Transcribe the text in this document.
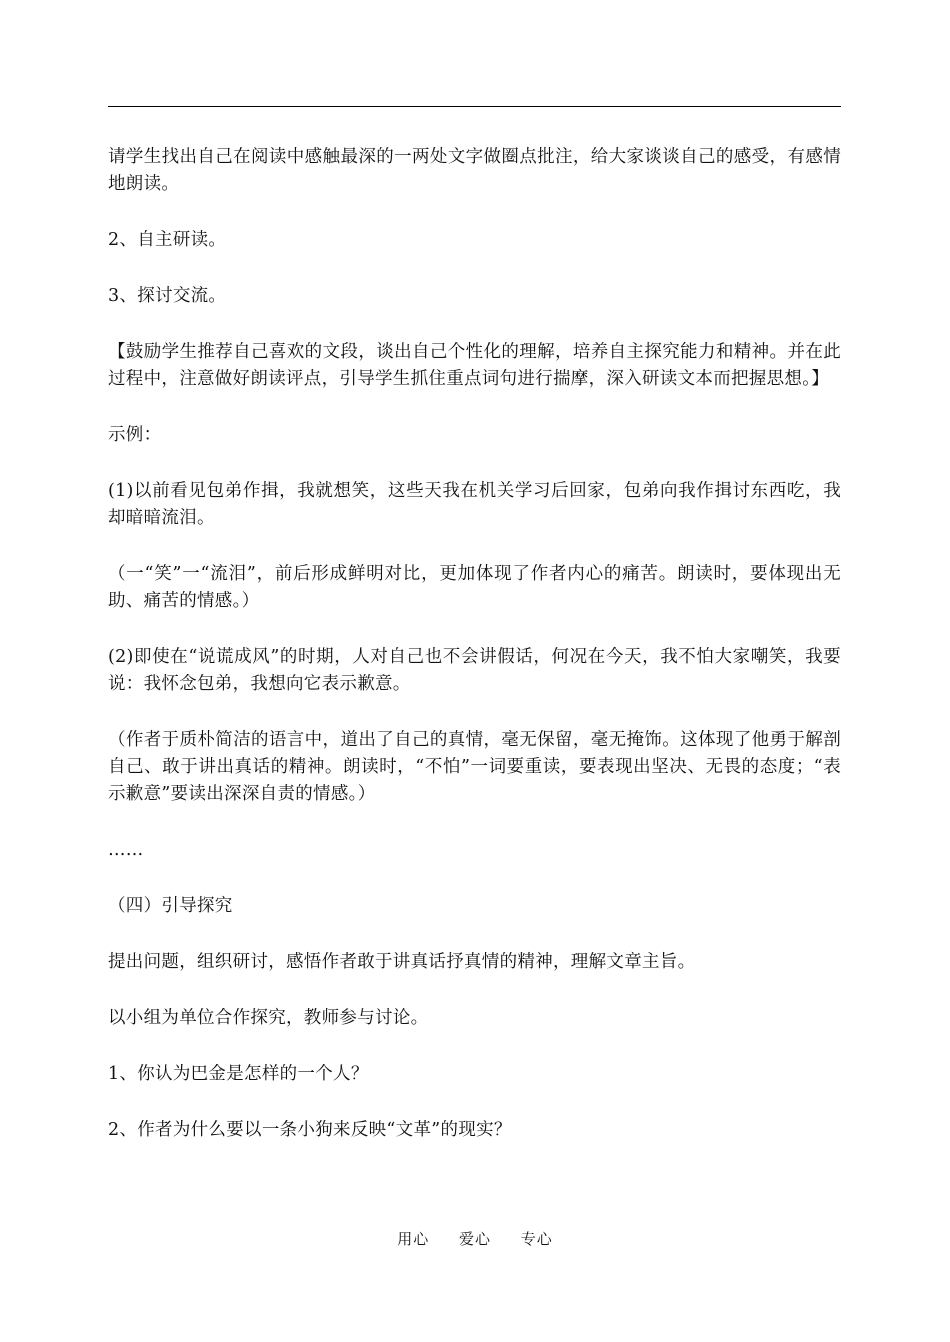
请学生找出自己在阅读中感触最深的一两处文字做圈点批注，给大家谈谈自己的感受，有感情地朗读。

2、自主研读。

3、探讨交流。

【鼓励学生推荐自己喜欢的文段，谈出自己个性化的理解，培养自主探究能力和精神。并在此过程中，注意做好朗读评点，引导学生抓住重点词句进行揣摩，深入研读文本而把握思想。】

示例：

(1)以前看见包弟作揖，我就想笑，这些天我在机关学习后回家，包弟向我作揖讨东西吃，我却暗暗流泪。

（一“笑”一“流泪”，前后形成鲜明对比，更加体现了作者内心的痛苦。朗读时，要体现出无助、痛苦的情感。）

(2)即使在“说谎成风”的时期，人对自己也不会讲假话，何况在今天，我不怕大家嘲笑，我要说：我怀念包弟，我想向它表示歉意。

（作者于质朴简洁的语言中，道出了自己的真情，毫无保留，毫无掩饰。这体现了他勇于解剖自己、敢于讲出真话的精神。朗读时，“不怕”一词要重读，要表现出坚决、无畏的态度；“表示歉意”要读出深深自责的情感。）

……

（四）引导探究

提出问题，组织研讨，感悟作者敢于讲真话抒真情的精神，理解文章主旨。

以小组为单位合作探究，教师参与讨论。

1、你认为巴金是怎样的一个人？

2、作者为什么要以一条小狗来反映“文革”的现实？

用心 爱心 专心
